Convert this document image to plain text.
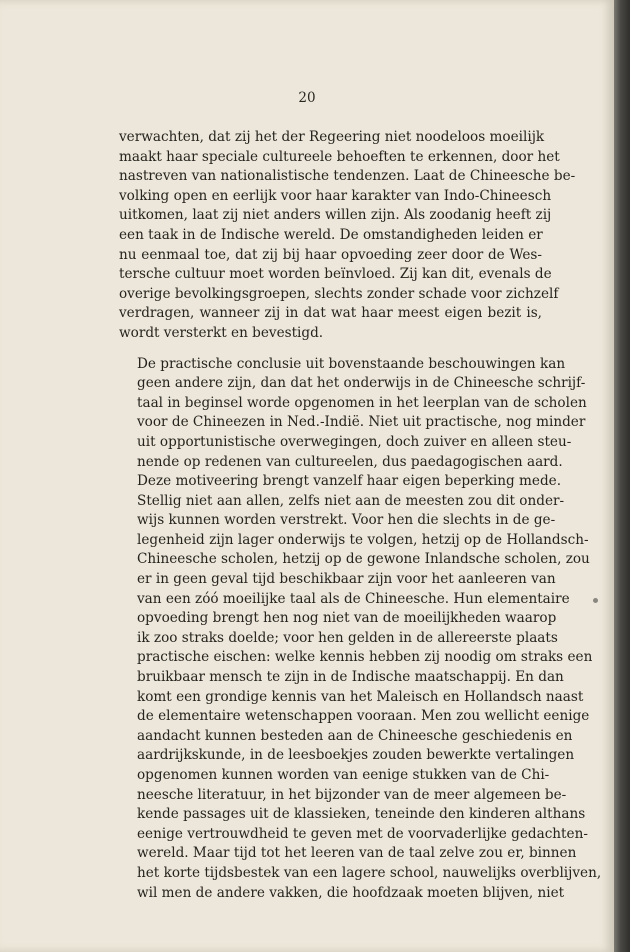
20

verwachten, dat zij het der Regeering niet noodeloos moeilijk
maakt haar speciale cultureele behoeften te erkennen, door het
nastreven van nationalistische tendenzen. Laat de Chineesche be-
volking open en eerlijk voor haar karakter van Indo-Chineesch
uitkomen, laat zij niet anders willen zijn. Als zoodanig heeft zij
een taak in de Indische wereld. De omstandigheden leiden er
nu eenmaal toe, dat zij bij haar opvoeding zeer door de Wes-
tersche cultuur moet worden beïnvloed. Zij kan dit, evenals de
overige bevolkingsgroepen, slechts zonder schade voor zichzelf
verdragen, wanneer zij in dat wat haar meest eigen bezit is,
wordt versterkt en bevestigd.

De practische conclusie uit bovenstaande beschouwingen kan
geen andere zijn, dan dat het onderwijs in de Chineesche schrijf-
taal in beginsel worde opgenomen in het leerplan van de scholen
voor de Chineezen in Ned.-Indië. Niet uit practische, nog minder
uit opportunistische overwegingen, doch zuiver en alleen steu-
nende op redenen van cultureelen, dus paedagogischen aard.
Deze motiveering brengt vanzelf haar eigen beperking mede.
Stellig niet aan allen, zelfs niet aan de meesten zou dit onder-
wijs kunnen worden verstrekt. Voor hen die slechts in de ge-
legenheid zijn lager onderwijs te volgen, hetzij op de Hollandsch-
Chineesche scholen, hetzij op de gewone Inlandsche scholen, zou
er in geen geval tijd beschikbaar zijn voor het aanleeren van
van een zóó moeilijke taal als de Chineesche. Hun elementaire
opvoeding brengt hen nog niet van de moeilijkheden waarop
ik zoo straks doelde; voor hen gelden in de allereerste plaats
practische eischen: welke kennis hebben zij noodig om straks een
bruikbaar mensch te zijn in de Indische maatschappij. En dan
komt een grondige kennis van het Maleisch en Hollandsch naast
de elementaire wetenschappen vooraan. Men zou wellicht eenige
aandacht kunnen besteden aan de Chineesche geschiedenis en
aardrijkskunde, in de leesboekjes zouden bewerkte vertalingen
opgenomen kunnen worden van eenige stukken van de Chi-
neesche literatuur, in het bijzonder van de meer algemeen be-
kende passages uit de klassieken, teneinde den kinderen althans
eenige vertrouwdheid te geven met de voorvaderlijke gedachten-
wereld. Maar tijd tot het leeren van de taal zelve zou er, binnen
het korte tijdsbestek van een lagere school, nauwelijks overblijven,
wil men de andere vakken, die hoofdzaak moeten blijven, niet
